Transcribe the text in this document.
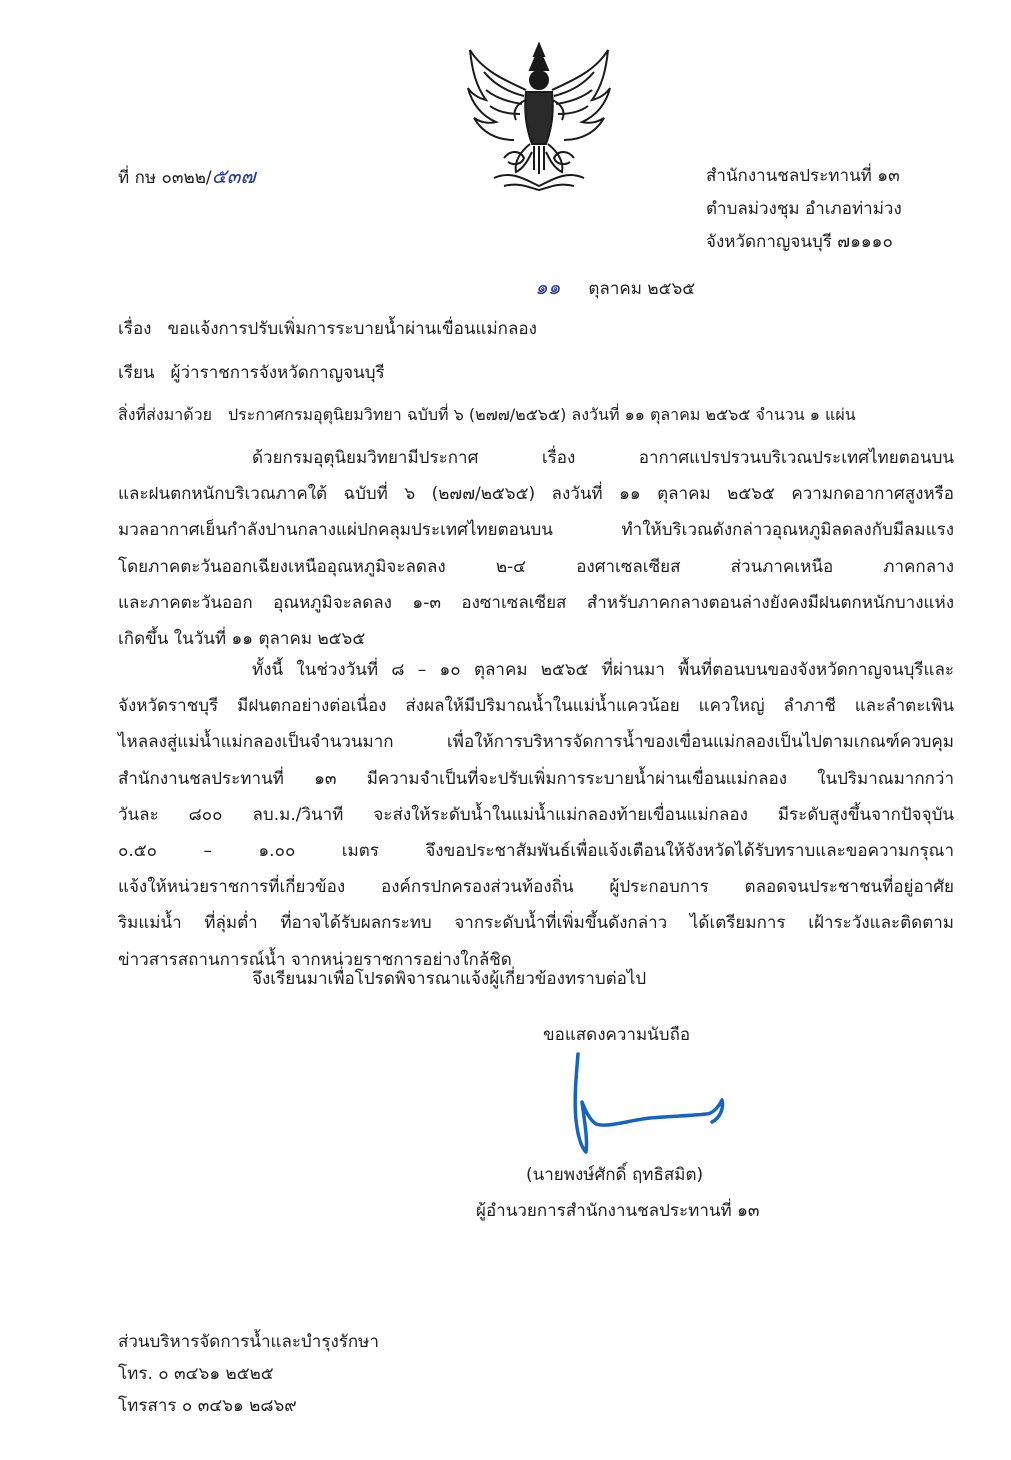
ที่ กษ ๐๓๒๒/๕๓๗	สำนักงานชลประทานที่ ๑๓
ตำบลม่วงชุม อำเภอท่าม่วง
จังหวัดกาญจนบุรี ๗๑๑๑๐
๑๑ ตุลาคม ๒๕๖๕
เรื่อง ขอแจ้งการปรับเพิ่มการระบายน้ำผ่านเขื่อนแม่กลอง
เรียน ผู้ว่าราชการจังหวัดกาญจนบุรี
สิ่งที่ส่งมาด้วย ประกาศกรมอุตุนิยมวิทยา ฉบับที่ ๖ (๒๗๗/๒๕๖๕) ลงวันที่ ๑๑ ตุลาคม ๒๕๖๕ จำนวน ๑ แผ่น
ด้วยกรมอุตุนิยมวิทยามีประกาศ เรื่อง อากาศแปรปรวนบริเวณประเทศไทยตอนบน
และฝนตกหนักบริเวณภาคใต้ ฉบับที่ ๖ (๒๗๗/๒๕๖๕) ลงวันที่ ๑๑ ตุลาคม ๒๕๖๕ ความกดอากาศสูงหรือ
มวลอากาศเย็นกำลังปานกลางแผ่ปกคลุมประเทศไทยตอนบน ทำให้บริเวณดังกล่าวอุณหภูมิลดลงกับมีลมแรง
โดยภาคตะวันออกเฉียงเหนืออุณหภูมิจะลดลง ๒-๔ องศาเซลเซียส ส่วนภาคเหนือ ภาคกลาง
และภาคตะวันออก อุณหภูมิจะลดลง ๑-๓ องซาเซลเซียส สำหรับภาคกลางตอนล่างยังคงมีฝนตกหนักบางแห่ง
เกิดขึ้น ในวันที่ ๑๑ ตุลาคม ๒๕๖๕
ทั้งนี้ ในช่วงวันที่ ๘ – ๑๐ ตุลาคม ๒๕๖๕ ที่ผ่านมา พื้นที่ตอนบนของจังหวัดกาญจนบุรีและ
จังหวัดราชบุรี มีฝนตกอย่างต่อเนื่อง ส่งผลให้มีปริมาณน้ำในแม่น้ำแควน้อย แควใหญ่ ลำภาชี และลำตะเพิน
ไหลลงสู่แม่น้ำแม่กลองเป็นจำนวนมาก เพื่อให้การบริหารจัดการน้ำของเขื่อนแม่กลองเป็นไปตามเกณฑ์ควบคุม
สำนักงานชลประทานที่ ๑๓ มีความจำเป็นที่จะปรับเพิ่มการระบายน้ำผ่านเขื่อนแม่กลอง ในปริมาณมากกว่า
วันละ ๘๐๐ ลบ.ม./วินาที จะส่งให้ระดับน้ำในแม่น้ำแม่กลองท้ายเขื่อนแม่กลอง มีระดับสูงขึ้นจากปัจจุบัน
๐.๕๐ – ๑.๐๐ เมตร จึงขอประชาสัมพันธ์เพื่อแจ้งเตือนให้จังหวัดได้รับทราบและขอความกรุณา
แจ้งให้หน่วยราชการที่เกี่ยวข้อง องค์กรปกครองส่วนท้องถิ่น ผู้ประกอบการ ตลอดจนประชาชนที่อยู่อาศัย
ริมแม่น้ำ ที่ลุ่มต่ำ ที่อาจได้รับผลกระทบ จากระดับน้ำที่เพิ่มขึ้นดังกล่าว ได้เตรียมการ เฝ้าระวังและติดตาม
ข่าวสารสถานการณ์น้ำ จากหน่วยราชการอย่างใกล้ชิด
จึงเรียนมาเพื่อโปรดพิจารณาแจ้งผู้เกี่ยวข้องทราบต่อไป
ขอแสดงความนับถือ
(นายพงษ์ศักดิ์ ฤทธิสมิต)
ผู้อำนวยการสำนักงานชลประทานที่ ๑๓
ส่วนบริหารจัดการน้ำและบำรุงรักษา
โทร. ๐ ๓๔๖๑ ๒๕๒๕
โทรสาร ๐ ๓๔๖๑ ๒๘๖๙
